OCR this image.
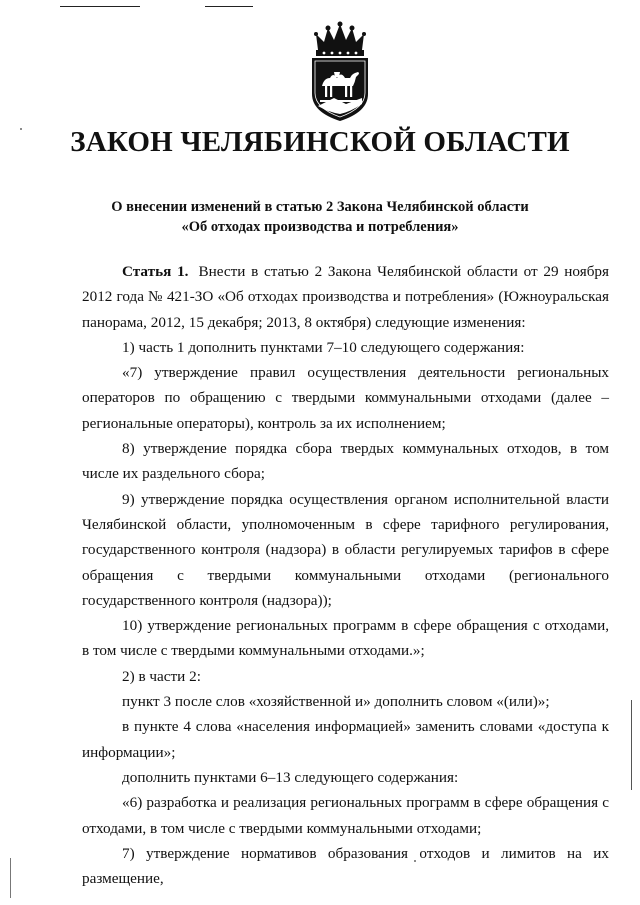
ЗАКОН ЧЕЛЯБИНСКОЙ ОБЛАСТИ
О внесении изменений в статью 2 Закона Челябинской области
«Об отходах производства и потребления»

Статья 1. Внести в статью 2 Закона Челябинской области от 29 ноября 2012 года № 421-ЗО «Об отходах производства и потребления» (Южноуральская панорама, 2012, 15 декабря; 2013, 8 октября) следующие изменения:

1) часть 1 дополнить пунктами 7–10 следующего содержания:

«7) утверждение правил осуществления деятельности региональных операторов по обращению с твердыми коммунальными отходами (далее – региональные операторы), контроль за их исполнением;

8) утверждение порядка сбора твердых коммунальных отходов, в том числе их раздельного сбора;

9) утверждение порядка осуществления органом исполнительной власти Челябинской области, уполномоченным в сфере тарифного регулирования, государственного контроля (надзора) в области регулируемых тарифов в сфере обращения с твердыми коммунальными отходами (регионального государственного контроля (надзора));

10) утверждение региональных программ в сфере обращения с отходами, в том числе с твердыми коммунальными отходами.»;

2) в части 2:

пункт 3 после слов «хозяйственной и» дополнить словом «(или)»;

в пункте 4 слова «населения информацией» заменить словами «доступа к информации»;

дополнить пунктами 6–13 следующего содержания:

«6) разработка и реализация региональных программ в сфере обращения с отходами, в том числе с твердыми коммунальными отходами;

7) утверждение нормативов образования отходов и лимитов на их размещение,
